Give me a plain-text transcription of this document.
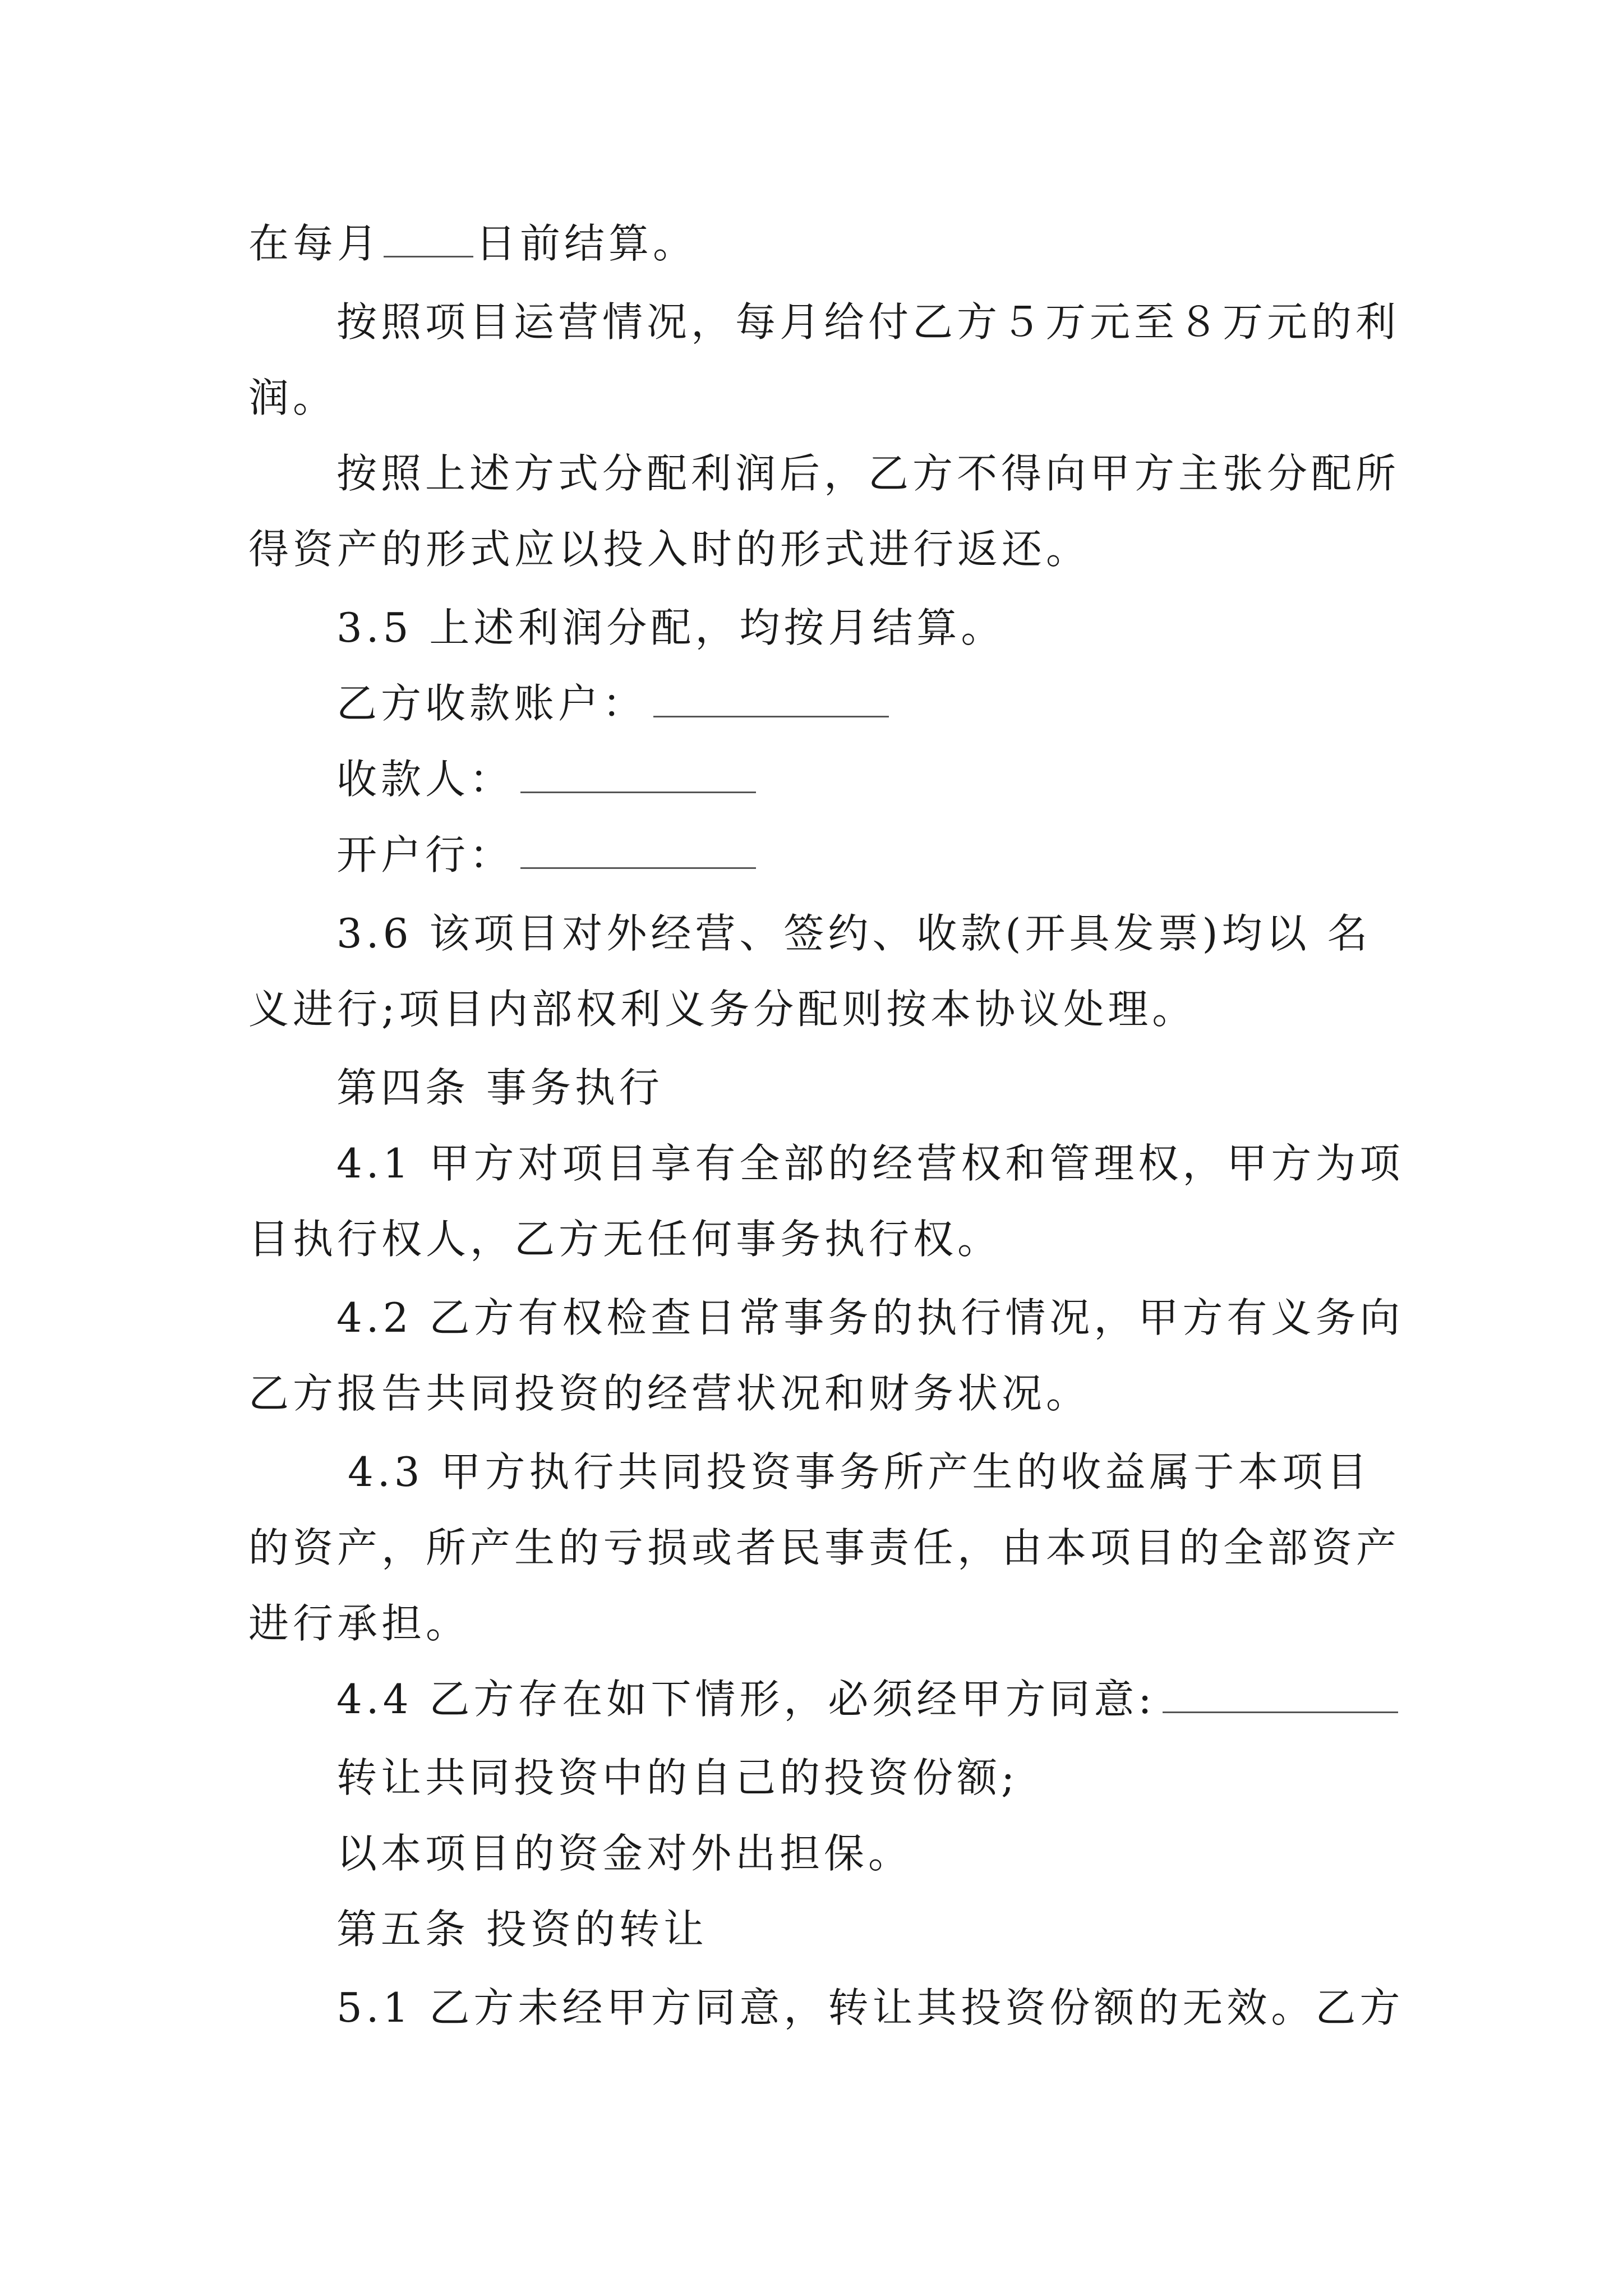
在每月 日前结算。
按照项目运营情况，每月给付乙方５万元至８万元的利
润。
按照上述方式分配利润后，乙方不得向甲方主张分配所
得资产的形式应以投入时的形式进行返还。
3.5 上述利润分配，均按月结算。
乙方收款账户：
收款人：
开户行：
3.6 该项目对外经营、签约、收款(开具发票)均以 名
义进行;项目内部权利义务分配则按本协议处理。
第四条 事务执行
4.1 甲方对项目享有全部的经营权和管理权，甲方为项
目执行权人，乙方无任何事务执行权。
4.2 乙方有权检查日常事务的执行情况，甲方有义务向
乙方报告共同投资的经营状况和财务状况。
4.3 甲方执行共同投资事务所产生的收益属于本项目
的资产，所产生的亏损或者民事责任，由本项目的全部资产
进行承担。
4.4 乙方存在如下情形，必须经甲方同意:
转让共同投资中的自己的投资份额;
以本项目的资金对外出担保。
第五条 投资的转让
5.1 乙方未经甲方同意，转让其投资份额的无效。乙方
